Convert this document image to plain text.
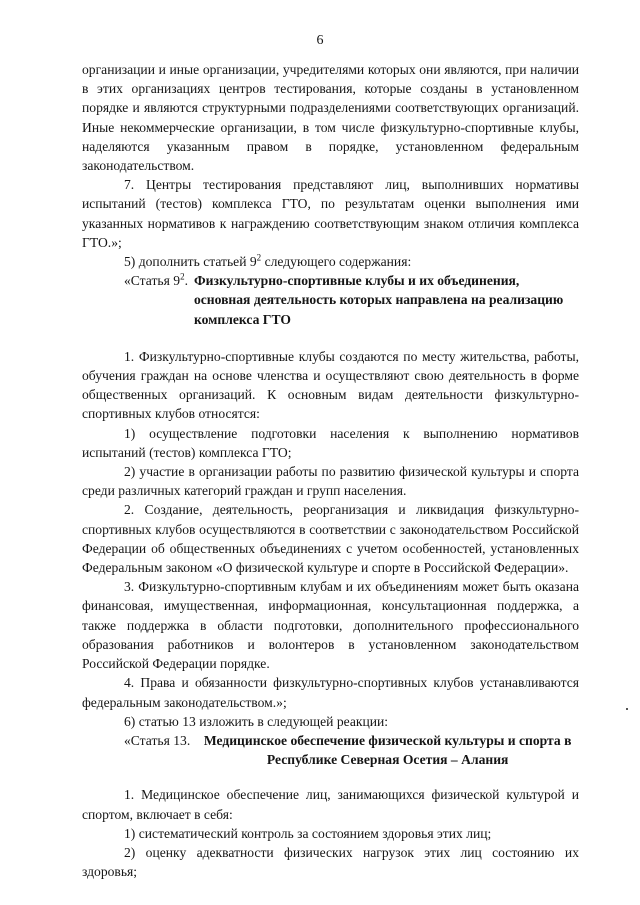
6

организации и иные организации, учредителями которых они являются, при наличии в этих организациях центров тестирования, которые созданы в установленном порядке и являются структурными подразделениями соответствующих организаций. Иные некоммерческие организации, в том числе физкультурно-спортивные клубы, наделяются указанным правом в порядке, установленном федеральным законодательством.

7. Центры тестирования представляют лиц, выполнивших нормативы испытаний (тестов) комплекса ГТО, по результатам оценки выполнения ими указанных нормативов к награждению соответствующим знаком отличия комплекса ГТО.»;

5) дополнить статьей $9^2$ следующего содержания:

«Статья $9^2$. Физкультурно-спортивные клубы и их объединения, основная деятельность которых направлена на реализацию комплекса ГТО

1. Физкультурно-спортивные клубы создаются по месту жительства, работы, обучения граждан на основе членства и осуществляют свою деятельность в форме общественных организаций. К основным видам деятельности физкультурно-спортивных клубов относятся:

1) осуществление подготовки населения к выполнению нормативов испытаний (тестов) комплекса ГТО;

2) участие в организации работы по развитию физической культуры и спорта среди различных категорий граждан и групп населения.

2. Создание, деятельность, реорганизация и ликвидация физкультурно-спортивных клубов осуществляются в соответствии с законодательством Российской Федерации об общественных объединениях с учетом особенностей, установленных Федеральным законом «О физической культуре и спорте в Российской Федерации».

3. Физкультурно-спортивным клубам и их объединениям может быть оказана финансовая, имущественная, информационная, консультационная поддержка, а также поддержка в области подготовки, дополнительного профессионального образования работников и волонтеров в установленном законодательством Российской Федерации порядке.

4. Права и обязанности физкультурно-спортивных клубов устанавливаются федеральным законодательством.»;

6) статью 13 изложить в следующей реакции:

«Статья 13. Медицинское обеспечение физической культуры и спорта в Республике Северная Осетия – Алания

1. Медицинское обеспечение лиц, занимающихся физической культурой и спортом, включает в себя:

1) систематический контроль за состоянием здоровья этих лиц;

2) оценку адекватности физических нагрузок этих лиц состоянию их здоровья;
